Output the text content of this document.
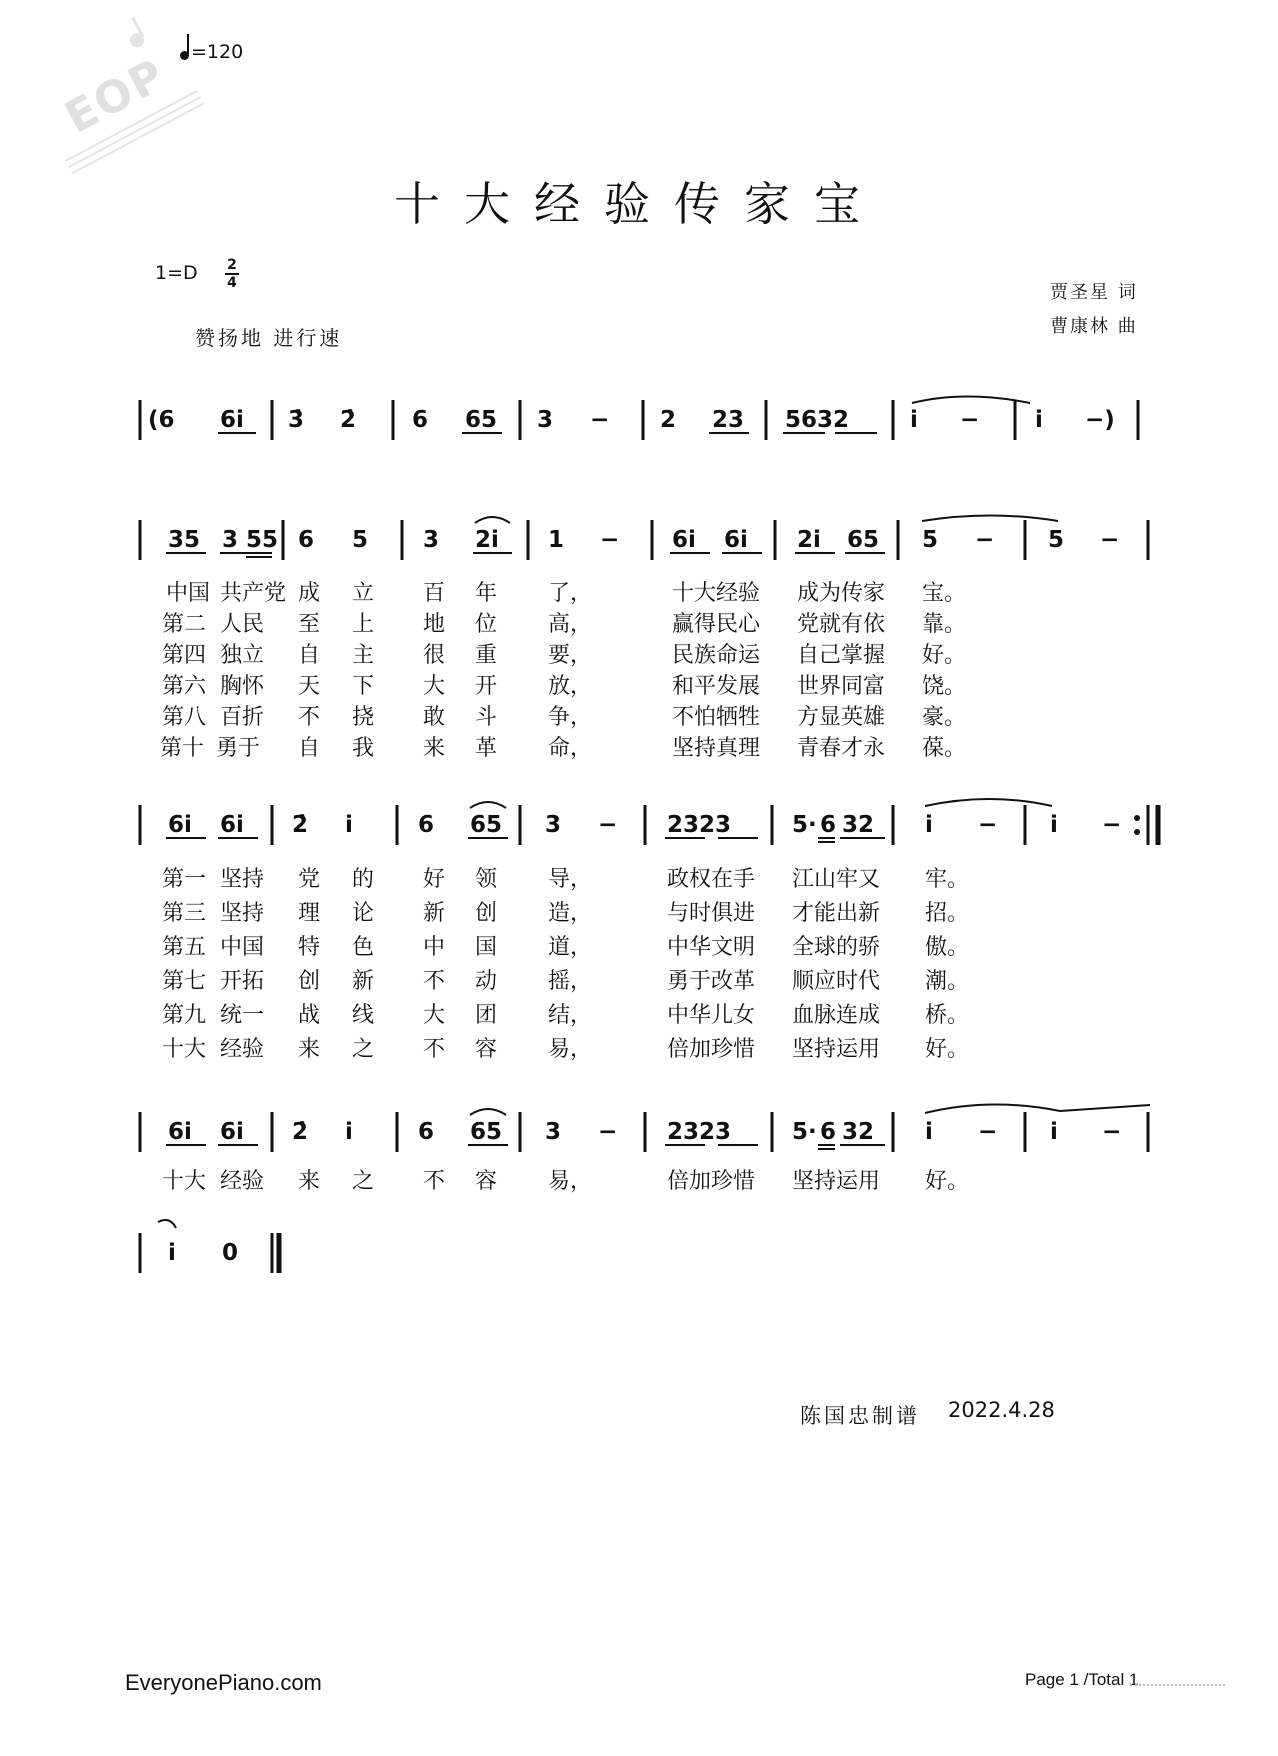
EOP =120
十大经验传家宝
1=D 2
4
赞扬地 进行速
贾圣星 词
曹康林 曲
(6 6i 3̇ 2̇ 6 65 3 − 2 23 5632	i − i −)
35 3 55 6 5 3 2i 1 − 6i 6i 2i 65 5 − 5 −
中国 共产党 成 立 百 年 了，	十大经验 成为传家 宝。
第二 人民 至 上 地 位 高，	赢得民心 党就有依 靠。
第四 独立 自 主 很 重 要，	民族命运 自己掌握 好。
第六 胸怀 天 下 大 开 放，	和平发展 世界同富 饶。
第八 百折 不 挠 敢 斗 争，	不怕牺牲 方显英雄 豪。
第十 勇于 自 我 来 革 命，	坚持真理 青春才永 葆。
6i 6i 2̇ i	6 65 3 − 2323	5· 6 32 i − i −
第一 坚持 党 的 好 领 导，	政权在手 江山牢又 牢。
第三 坚持 理 论 新 创 造，	与时俱进 才能出新 招。
第五 中国 特 色 中 国 道，	中华文明 全球的骄 傲。
第七 开拓 创 新 不 动 摇，	勇于改革 顺应时代 潮。
第九 统一 战 线 大 团 结，	中华儿女 血脉连成 桥。
十大 经验 来 之 不 容 易，	倍加珍惜 坚持运用 好。
6i 6i 2̇ i	6 65 3 − 2323	5· 6 32 i − i −
十大 经验 来 之 不 容 易，	倍加珍惜 坚持运用 好。
i 0
陈国忠制谱 2022.4.28
EveryonePiano.com	Page 1 /Total 1
